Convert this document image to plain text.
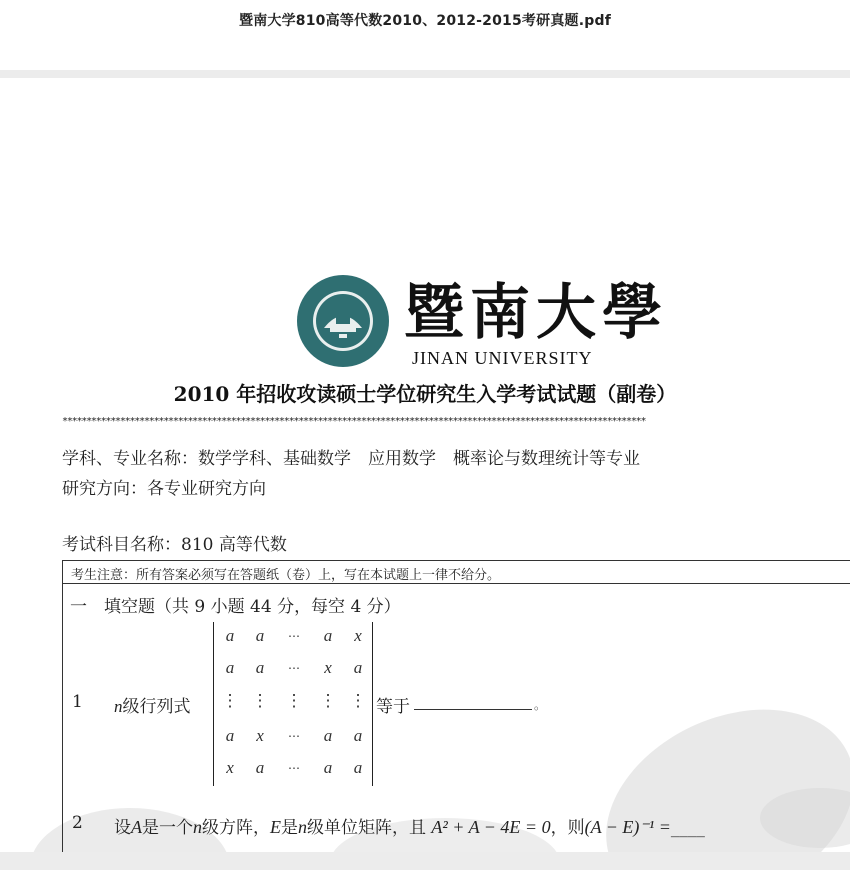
暨南大学810高等代数2010、2012-2015考研真题.pdf
暨南大學
JINAN UNIVERSITY
2010 年招收攻读硕士学位研究生入学考试试题（副卷）
*************************************************************************************************************************
学科、专业名称：数学学科、基础数学　应用数学　概率论与数理统计等专业
研究方向：各专业研究方向
考试科目名称：810 高等代数
考生注意：所有答案必须写在答题纸（卷）上，写在本试题上一律不给分。
一　填空题（共 9 小题 44 分，每空 4 分）
1 n级行列式
a	a	⋯	a	x
a	a	⋯	x	a
⋮ ⋮	⋮	⋮ ⋮
a	x	⋯	a	a
x	a	⋯	a	a
等于	。
2 设A是一个n级方阵，E是n级单位矩阵，且 A² + A − 4E = 0，则(A − E)⁻¹ =____
